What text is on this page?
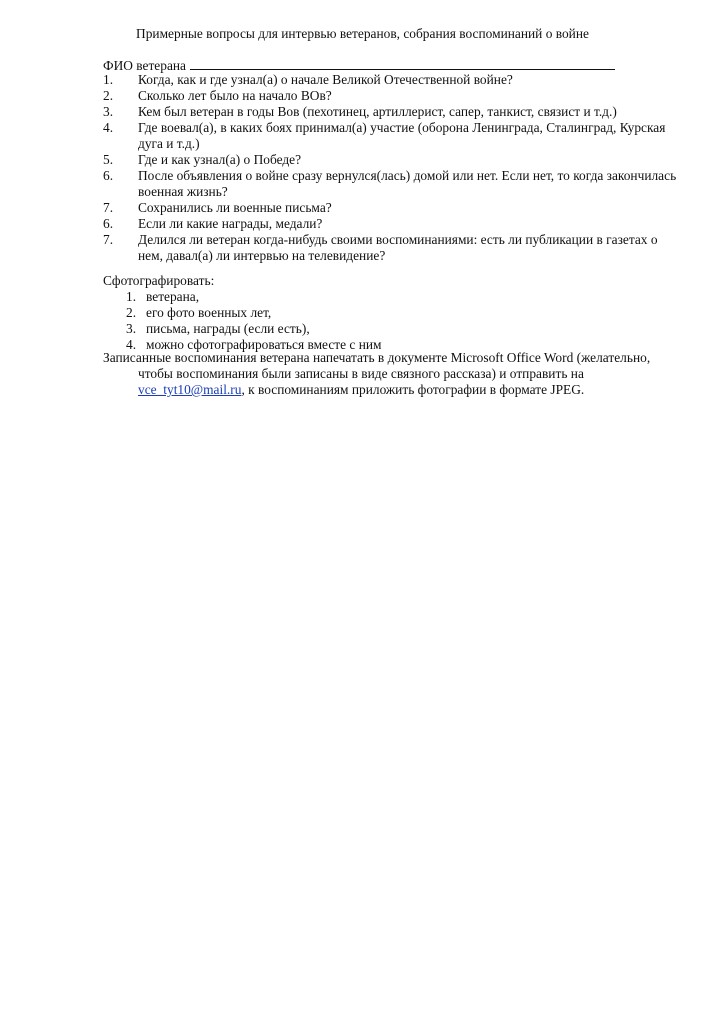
Примерные вопросы для интервью ветеранов, собрания воспоминаний о войне
ФИО ветерана
1. Когда, как и где узнал(а) о начале Великой Отечественной войне?
2. Сколько лет было на начало ВОв?
3. Кем был ветеран в годы Вов (пехотинец, артиллерист, сапер, танкист, связист и т.д.)
4. Где воевал(а), в каких боях принимал(а) участие (оборона Ленинграда, Сталинград, Курская дуга и т.д.)
5. Где и как узнал(а) о Победе?
6. После объявления о войне сразу вернулся(лась) домой или нет. Если нет, то когда закончилась военная жизнь?
7. Сохранились ли военные письма?
6. Если ли какие награды, медали?
7. Делился ли ветеран когда-нибудь своими воспоминаниями: есть ли публикации в газетах о нем, давал(а) ли интервью на телевидение?
Сфотографировать:
1. ветерана,
2. его фото военных лет,
3. письма, награды (если есть),
4. можно сфотографироваться вместе с ним
Записанные воспоминания ветерана напечатать в документе Microsoft Office Word (желательно,
чтобы воспоминания были записаны в виде связного рассказа) и отправить на
vce_tyt10@mail.ru, к воспоминаниям приложить фотографии в формате JPEG.
